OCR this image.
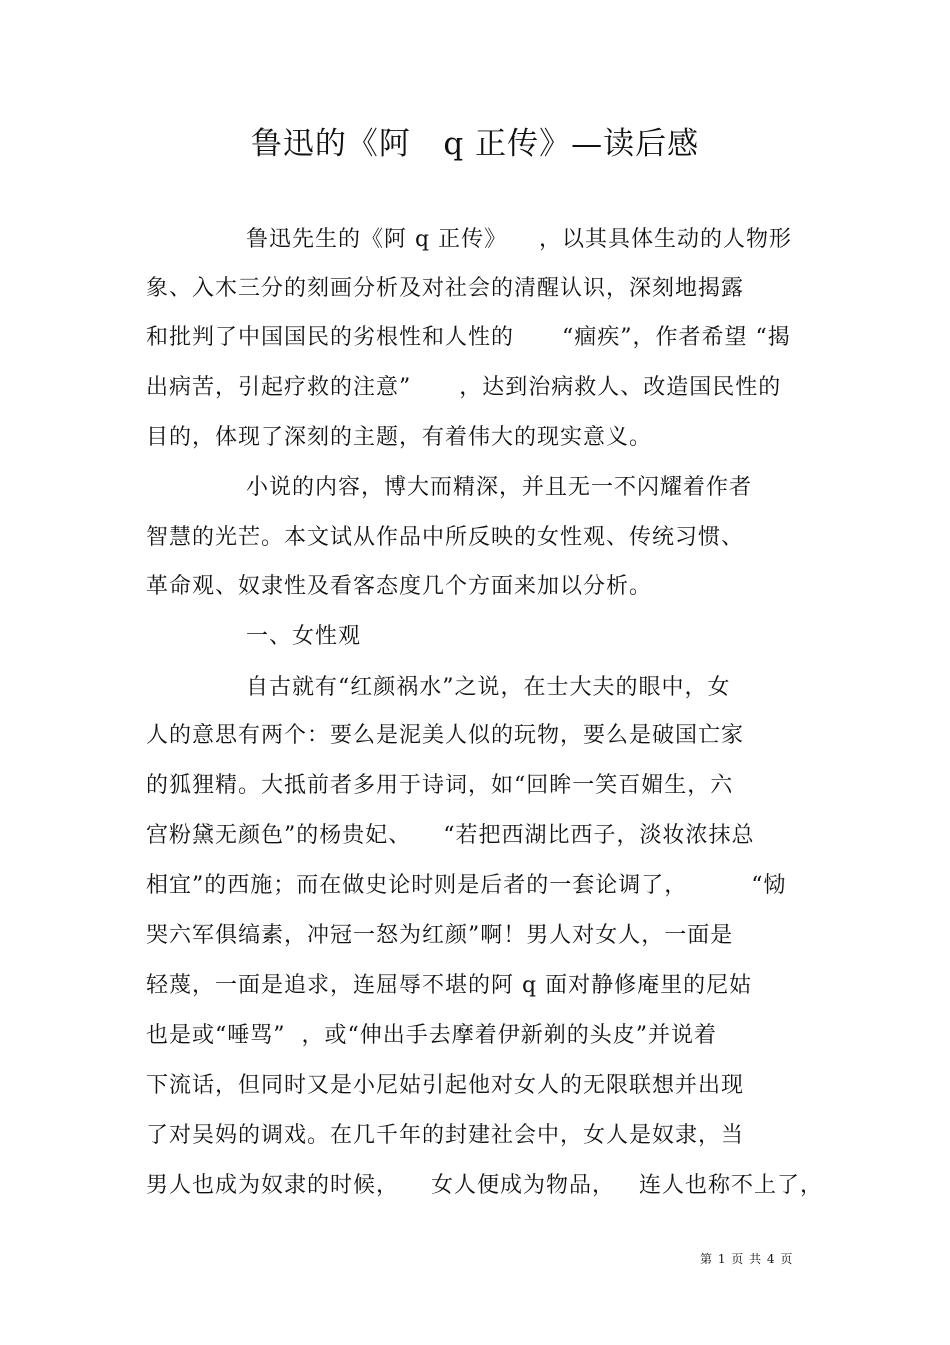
鲁迅的《阿   q 正传》—读后感
鲁迅先生的《阿 q 正传》    ，以其具体生动的人物形
象、入木三分的刻画分析及对社会的清醒认识，深刻地揭露
和批判了中国国民的劣根性和人性的      “痼疾”，作者希望 “揭
出病苦，引起疗救的注意”      ，达到治病救人、改造国民性的
目的，体现了深刻的主题，有着伟大的现实意义。
小说的内容，博大而精深，并且无一不闪耀着作者
智慧的光芒。本文试从作品中所反映的女性观、传统习惯、
革命观、奴隶性及看客态度几个方面来加以分析。
一、女性观
自古就有“红颜祸水”之说，在士大夫的眼中，女
人的意思有两个：要么是泥美人似的玩物，要么是破国亡家
的狐狸精。大抵前者多用于诗词，如“回眸一笑百媚生，六
宫粉黛无颜色”的杨贵妃、    “若把西湖比西子，淡妆浓抹总
相宜”的西施；而在做史论时则是后者的一套论调了，        “恸
哭六军俱缟素，冲冠一怒为红颜”啊！男人对女人，一面是
轻蔑，一面是追求，连屈辱不堪的阿 q 面对静修庵里的尼姑
也是或“唾骂”  ，或“伸出手去摩着伊新剃的头皮”并说着
下流话，但同时又是小尼姑引起他对女人的无限联想并出现
了对吴妈的调戏。在几千年的封建社会中，女人是奴隶，当
男人也成为奴隶的时候，    女人便成为物品，   连人也称不上了，
第 1 页 共 4 页
